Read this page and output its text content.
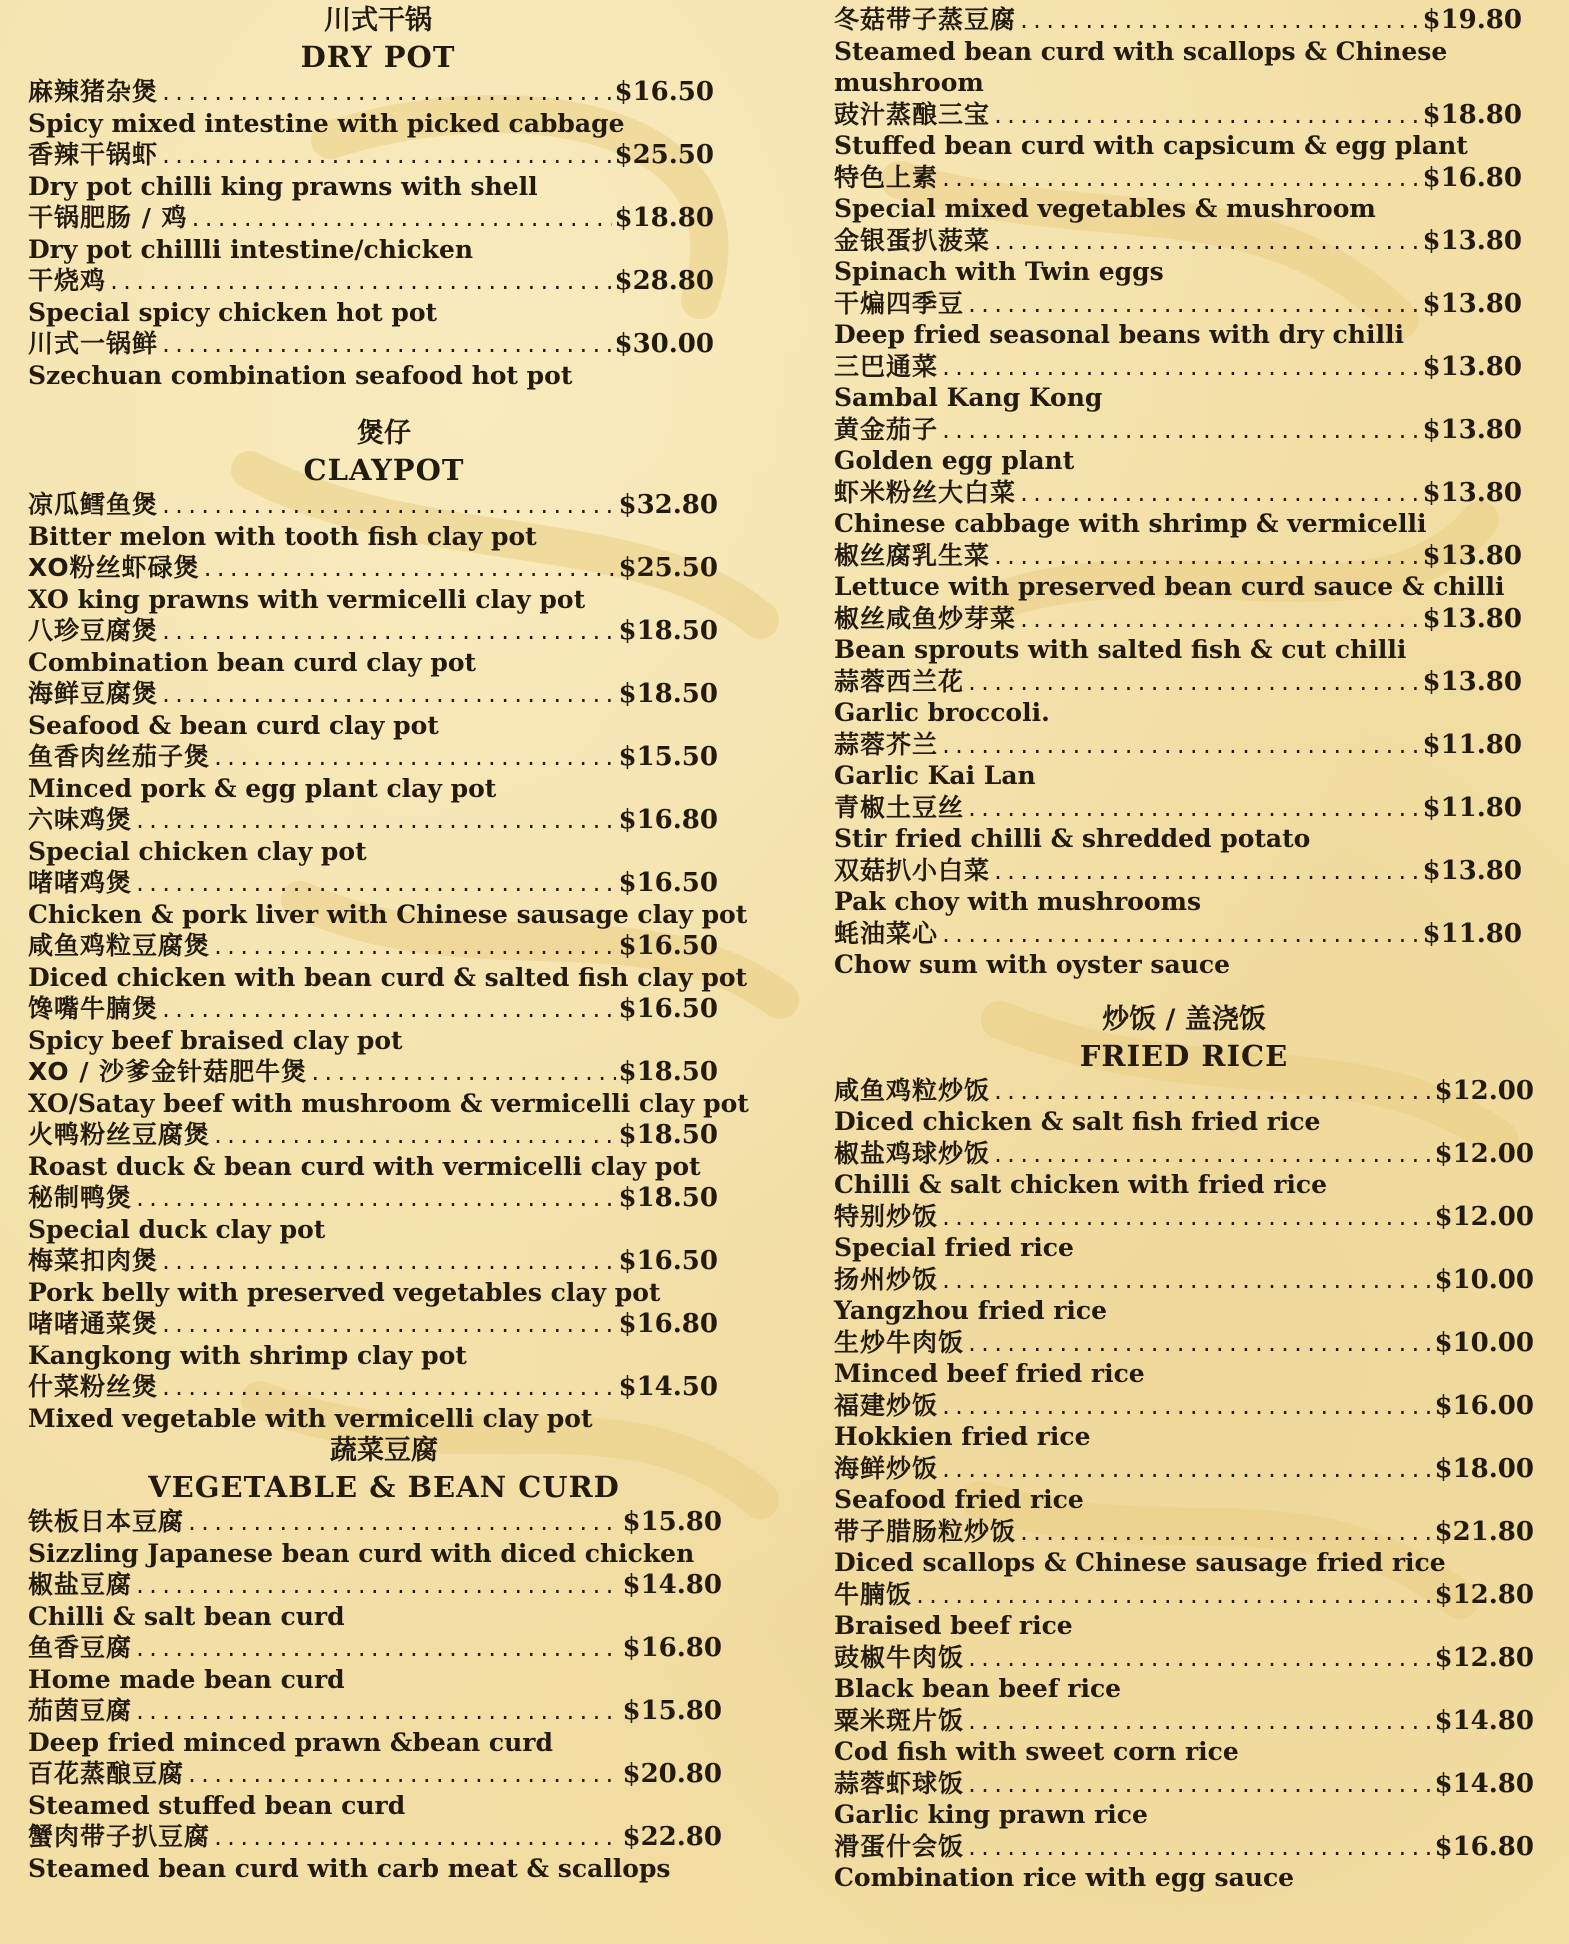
川式干锅
DRY POT
麻辣猪杂煲 .....	$16.50
Spicy mixed intestine with picked cabbage
香辣干锅虾 .....	$25.50
Dry pot chilli king prawns with shell
干锅肥肠 / 鸡 .....	$18.80
Dry pot chillli intestine/chicken
干烧鸡 .....	$28.80
Special spicy chicken hot pot
川式一锅鲜 .....	$30.00
Szechuan combination seafood hot pot
煲仔
CLAYPOT
凉瓜鳕鱼煲 .....	$32.80
Bitter melon with tooth fish clay pot
XO粉丝虾碌煲 .....	$25.50
XO king prawns with vermicelli clay pot
八珍豆腐煲 .....	$18.50
Combination bean curd clay pot
海鲜豆腐煲 .....	$18.50
Seafood & bean curd clay pot
鱼香肉丝茄子煲 .....	$15.50
Minced pork & egg plant clay pot
六味鸡煲 .....	$16.80
Special chicken clay pot
啫啫鸡煲 .....	$16.50
Chicken & pork liver with Chinese sausage clay pot
咸鱼鸡粒豆腐煲 .....	$16.50
Diced chicken with bean curd & salted fish clay pot
馋嘴牛腩煲 .....	$16.50
Spicy beef braised clay pot
XO / 沙爹金针菇肥牛煲 .....	$18.50
XO/Satay beef with mushroom & vermicelli clay pot
火鸭粉丝豆腐煲 .....	$18.50
Roast duck & bean curd with vermicelli clay pot
秘制鸭煲 .....	$18.50
Special duck clay pot
梅菜扣肉煲 .....	$16.50
Pork belly with preserved vegetables clay pot
啫啫通菜煲 .....	$16.80
Kangkong with shrimp clay pot
什菜粉丝煲 .....	$14.50
Mixed vegetable with vermicelli clay pot
蔬菜豆腐
VEGETABLE & BEAN CURD
铁板日本豆腐 .....	$15.80
Sizzling Japanese bean curd with diced chicken
椒盐豆腐 .....	$14.80
Chilli & salt bean curd
鱼香豆腐 .....	$16.80
Home made bean curd
茄茵豆腐 .....	$15.80
Deep fried minced prawn &bean curd
百花蒸酿豆腐 .....	$20.80
Steamed stuffed bean curd
蟹肉带子扒豆腐 .....	$22.80
Steamed bean curd with carb meat & scallops
冬菇带子蒸豆腐 .....	$19.80
Steamed bean curd with scallops & Chinese
mushroom
豉汁蒸酿三宝 .....	$18.80
Stuffed bean curd with capsicum & egg plant
特色上素 .....	$16.80
Special mixed vegetables & mushroom
金银蛋扒菠菜 .....	$13.80
Spinach with Twin eggs
干煸四季豆 .....	$13.80
Deep fried seasonal beans with dry chilli
三巴通菜 .....	$13.80
Sambal Kang Kong
黄金茄子 .....	$13.80
Golden egg plant
虾米粉丝大白菜 .....	$13.80
Chinese cabbage with shrimp & vermicelli
椒丝腐乳生菜 .....	$13.80
Lettuce with preserved bean curd sauce & chilli
椒丝咸鱼炒芽菜 .....	$13.80
Bean sprouts with salted fish & cut chilli
蒜蓉西兰花 .....	$13.80
Garlic broccoli.
蒜蓉芥兰 .....	$11.80
Garlic Kai Lan
青椒土豆丝 .....	$11.80
Stir fried chilli & shredded potato
双菇扒小白菜 .....	$13.80
Pak choy with mushrooms
蚝油菜心 .....	$11.80
Chow sum with oyster sauce
炒饭 / 盖浇饭
FRIED RICE
咸鱼鸡粒炒饭 .....	$12.00
Diced chicken & salt fish fried rice
椒盐鸡球炒饭 .....	$12.00
Chilli & salt chicken with fried rice
特别炒饭 .....	$12.00
Special fried rice
扬州炒饭 .....	$10.00
Yangzhou fried rice
生炒牛肉饭 .....	$10.00
Minced beef fried rice
福建炒饭 .....	$16.00
Hokkien fried rice
海鲜炒饭 .....	$18.00
Seafood fried rice
带子腊肠粒炒饭 .....	$21.80
Diced scallops & Chinese sausage fried rice
牛腩饭 .....	$12.80
Braised beef rice
豉椒牛肉饭 .....	$12.80
Black bean beef rice
粟米斑片饭 .....	$14.80
Cod fish with sweet corn rice
蒜蓉虾球饭 .....	$14.80
Garlic king prawn rice
滑蛋什会饭 .....	$16.80
Combination rice with egg sauce
